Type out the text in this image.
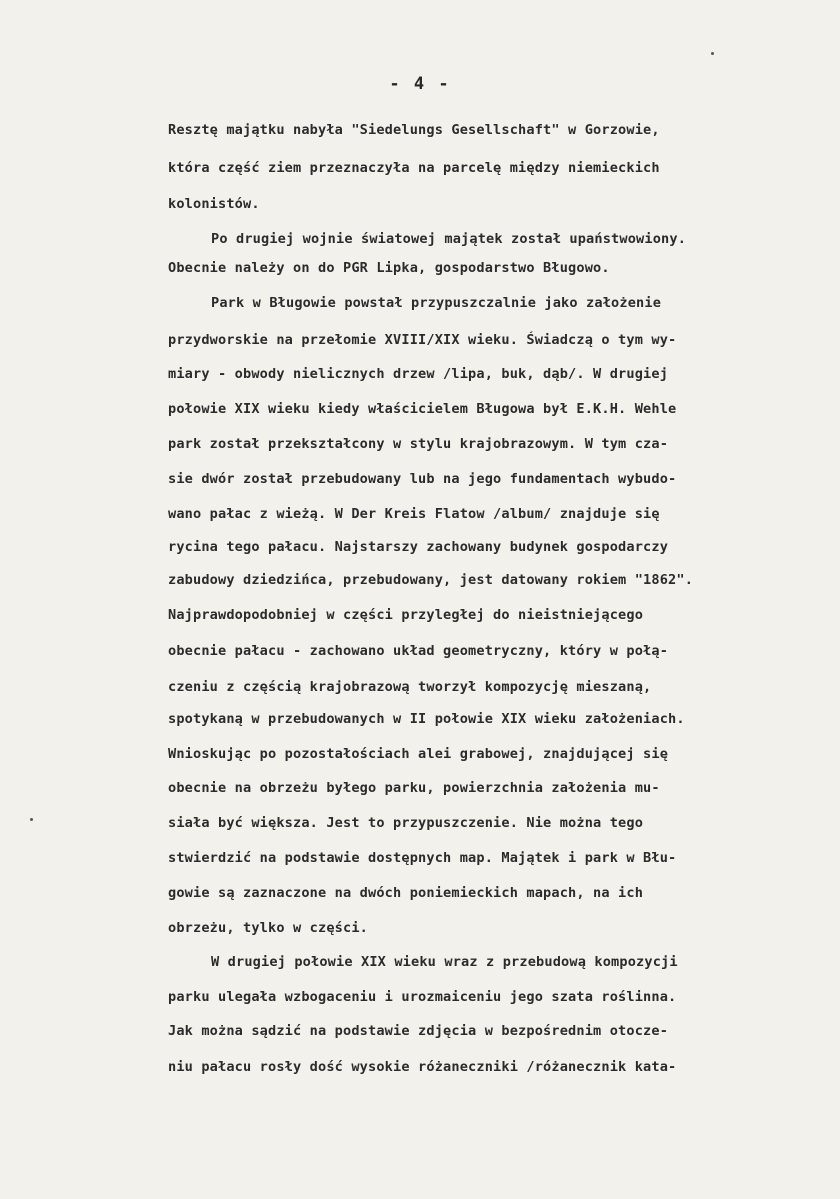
- 4 -
Resztę majątku nabyła "Siedelungs Gesellschaft" w Gorzowie,
która część ziem przeznaczyła na parcelę między niemieckich
kolonistów.
Po drugiej wojnie światowej majątek został upaństwowiony.
Obecnie należy on do PGR Lipka, gospodarstwo Bługowo.
Park w Bługowie powstał przypuszczalnie jako założenie
przydworskie na przełomie XVIII/XIX wieku. Świadczą o tym wy-
miary - obwody nielicznych drzew /lipa, buk, dąb/. W drugiej
połowie XIX wieku kiedy właścicielem Bługowa był E.K.H. Wehle
park został przekształcony w stylu krajobrazowym. W tym cza-
sie dwór został przebudowany lub na jego fundamentach wybudo-
wano pałac z wieżą. W Der Kreis Flatow /album/ znajduje się
rycina tego pałacu. Najstarszy zachowany budynek gospodarczy
zabudowy dziedzińca, przebudowany, jest datowany rokiem "1862".
Najprawdopodobniej w części przyległej do nieistniejącego
obecnie pałacu - zachowano układ geometryczny, który w połą-
czeniu z częścią krajobrazową tworzył kompozycję mieszaną,
spotykaną w przebudowanych w II połowie XIX wieku założeniach.
Wnioskując po pozostałościach alei grabowej, znajdującej się
obecnie na obrzeżu byłego parku, powierzchnia założenia mu-
siała być większa. Jest to przypuszczenie. Nie można tego
stwierdzić na podstawie dostępnych map. Majątek i park w Błu-
gowie są zaznaczone na dwóch poniemieckich mapach, na ich
obrzeżu, tylko w części.
W drugiej połowie XIX wieku wraz z przebudową kompozycji
parku ulegała wzbogaceniu i urozmaiceniu jego szata roślinna.
Jak można sądzić na podstawie zdjęcia w bezpośrednim otocze-
niu pałacu rosły dość wysokie różaneczniki /różanecznik kata-
